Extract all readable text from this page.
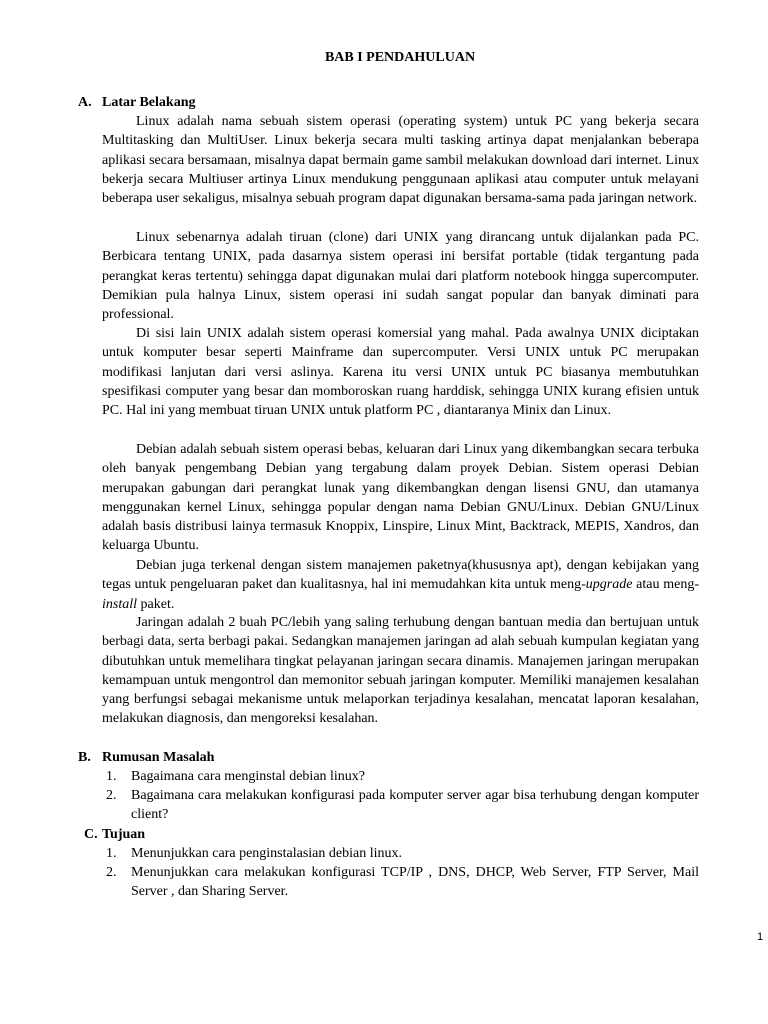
BAB I PENDAHULUAN
A. Latar Belakang

Linux adalah nama sebuah sistem operasi (operating system) untuk PC yang bekerja secara Multitasking dan MultiUser. Linux bekerja secara multi tasking artinya dapat menjalankan beberapa aplikasi secara bersamaan, misalnya dapat bermain game sambil melakukan download dari internet. Linux bekerja secara Multiuser artinya Linux mendukung penggunaan aplikasi atau computer untuk melayani beberapa user sekaligus, misalnya sebuah program dapat digunakan bersama-sama pada jaringan network.

Linux sebenarnya adalah tiruan (clone) dari UNIX yang dirancang untuk dijalankan pada PC. Berbicara tentang UNIX, pada dasarnya sistem operasi ini bersifat portable (tidak tergantung pada perangkat keras tertentu) sehingga dapat digunakan mulai dari platform notebook hingga supercomputer. Demikian pula halnya Linux, sistem operasi ini sudah sangat popular dan banyak diminati para professional.

Di sisi lain UNIX adalah sistem operasi komersial yang mahal. Pada awalnya UNIX diciptakan untuk komputer besar seperti Mainframe dan supercomputer. Versi UNIX untuk PC merupakan modifikasi lanjutan dari versi aslinya. Karena itu versi UNIX untuk PC biasanya membutuhkan spesifikasi computer yang besar dan momboroskan ruang harddisk, sehingga UNIX kurang efisien untuk PC. Hal ini yang membuat tiruan UNIX untuk platform PC , diantaranya Minix dan Linux.

Debian adalah sebuah sistem operasi bebas, keluaran dari Linux yang dikembangkan secara terbuka oleh banyak pengembang Debian yang tergabung dalam proyek Debian. Sistem operasi Debian merupakan gabungan dari perangkat lunak yang dikembangkan dengan lisensi GNU, dan utamanya menggunakan kernel Linux, sehingga popular dengan nama Debian GNU/Linux. Debian GNU/Linux adalah basis distribusi lainya termasuk Knoppix, Linspire, Linux Mint, Backtrack, MEPIS, Xandros, dan keluarga Ubuntu.

Debian juga terkenal dengan sistem manajemen paketnya(khususnya apt), dengan kebijakan yang tegas untuk pengeluaran paket dan kualitasnya, hal ini memudahkan kita untuk meng-upgrade atau meng-install paket.

Jaringan adalah 2 buah PC/lebih yang saling terhubung dengan bantuan media dan bertujuan untuk berbagi data, serta berbagi pakai. Sedangkan manajemen jaringan ad alah sebuah kumpulan kegiatan yang dibutuhkan untuk memelihara tingkat pelayanan jaringan secara dinamis. Manajemen jaringan merupakan kemampuan untuk mengontrol dan memonitor sebuah jaringan komputer. Memiliki manajemen kesalahan yang berfungsi sebagai mekanisme untuk melaporkan terjadinya kesalahan, mencatat laporan kesalahan, melakukan diagnosis, dan mengoreksi kesalahan.

B. Rumusan Masalah
1. Bagaimana cara menginstal debian linux?
2. Bagaimana cara melakukan konfigurasi pada komputer server agar bisa terhubung dengan komputer client?
C. Tujuan
1. Menunjukkan cara penginstalasian debian linux.
2. Menunjukkan cara melakukan konfigurasi TCP/IP , DNS, DHCP, Web Server, FTP Server, Mail Server , dan Sharing Server.
1
